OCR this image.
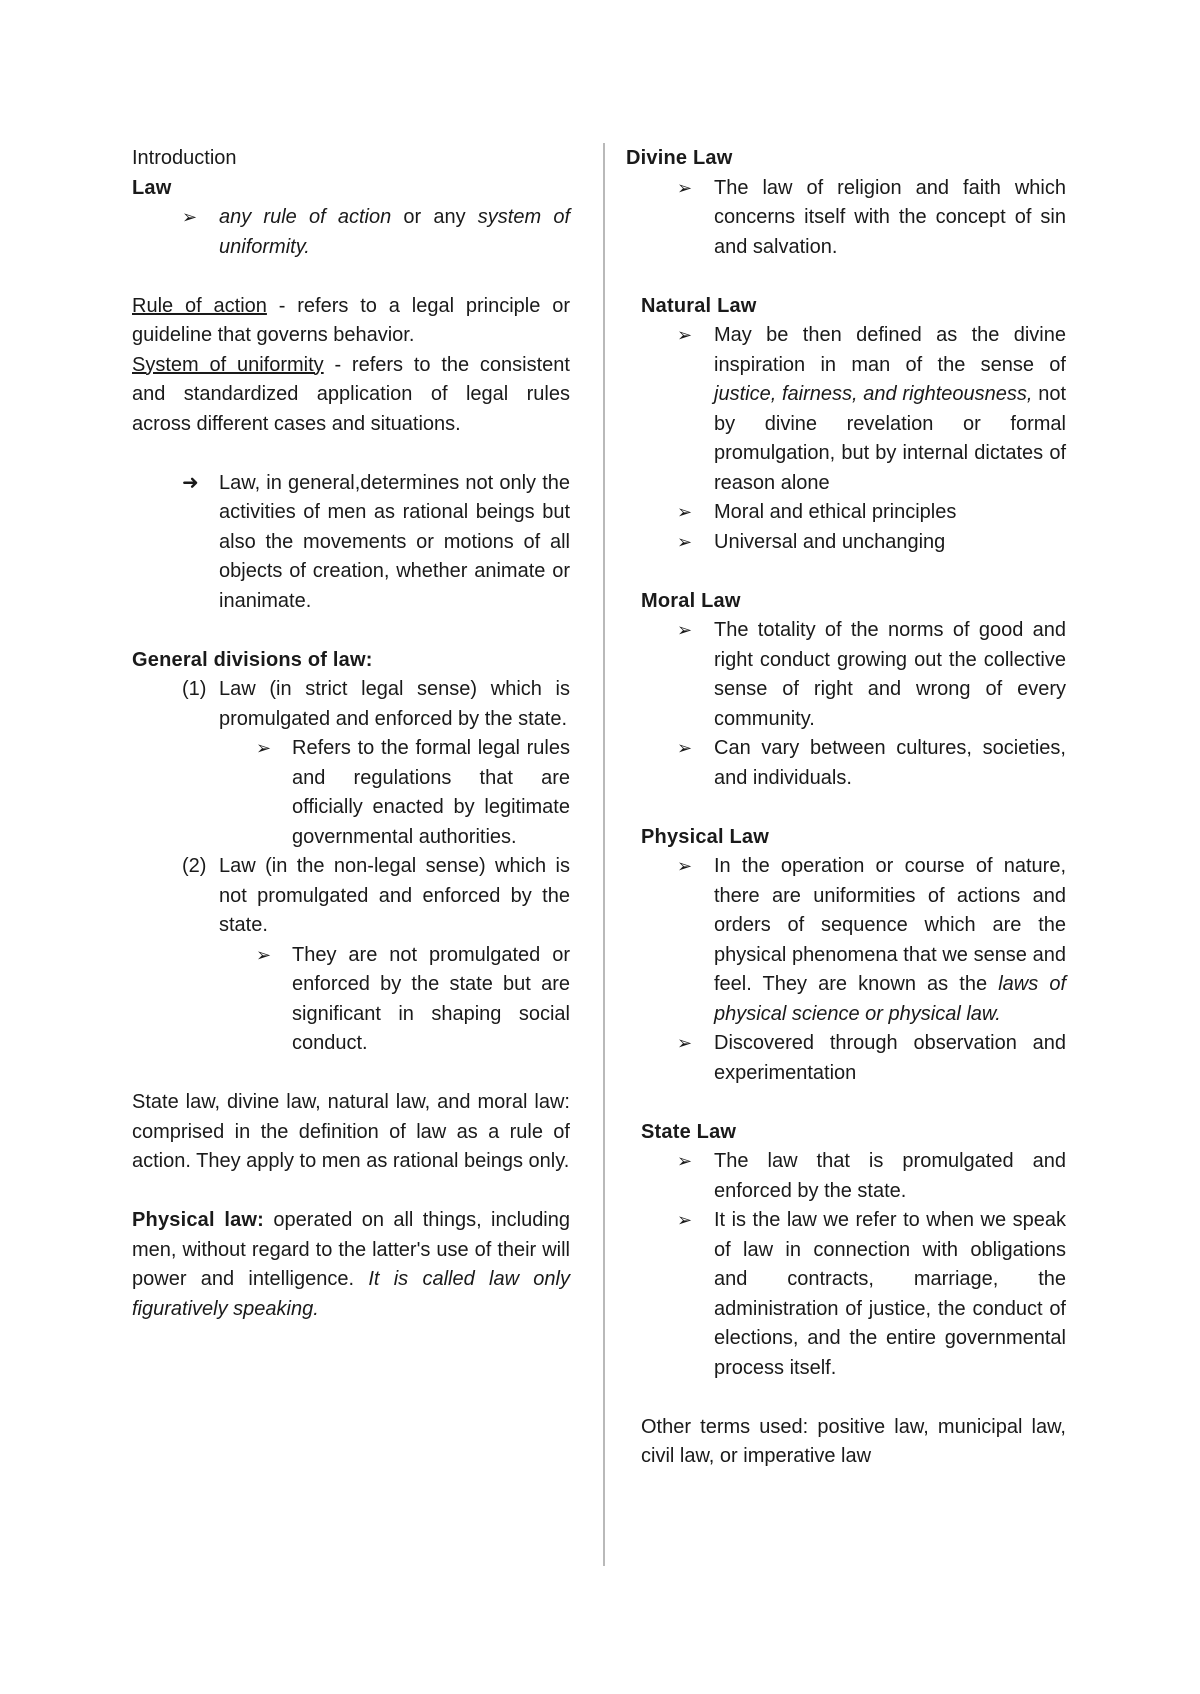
Introduction

Law

➢ any rule of action or any system of uniformity.

Rule of action - refers to a legal principle or guideline that governs behavior.

System of uniformity - refers to the consistent and standardized application of legal rules across different cases and situations.

➜ Law, in general,determines not only the activities of men as rational beings but also the movements or motions of all objects of creation, whether animate or inanimate.

General divisions of law:

(1) Law (in strict legal sense) which is promulgated and enforced by the state.
➢ Refers to the formal legal rules and regulations that are officially enacted by legitimate governmental authorities.
(2) Law (in the non-legal sense) which is not promulgated and enforced by the state.
➢ They are not promulgated or enforced by the state but are significant in shaping social conduct.

State law, divine law, natural law, and moral law: comprised in the definition of law as a rule of action. They apply to men as rational beings only.

Physical law: operated on all things, including men, without regard to the latter's use of their will power and intelligence. It is called law only figuratively speaking.

Divine Law

➢ The law of religion and faith which concerns itself with the concept of sin and salvation.

Natural Law

➢ May be then defined as the divine inspiration in man of the sense of justice, fairness, and righteousness, not by divine revelation or formal promulgation, but by internal dictates of reason alone
➢ Moral and ethical principles
➢ Universal and unchanging

Moral Law

➢ The totality of the norms of good and right conduct growing out the collective sense of right and wrong of every community.
➢ Can vary between cultures, societies, and individuals.

Physical Law

➢ In the operation or course of nature, there are uniformities of actions and orders of sequence which are the physical phenomena that we sense and feel. They are known as the laws of physical science or physical law.
➢ Discovered through observation and experimentation

State Law

➢ The law that is promulgated and enforced by the state.
➢ It is the law we refer to when we speak of law in connection with obligations and contracts, marriage, the administration of justice, the conduct of elections, and the entire governmental process itself.

Other terms used: positive law, municipal law, civil law, or imperative law
